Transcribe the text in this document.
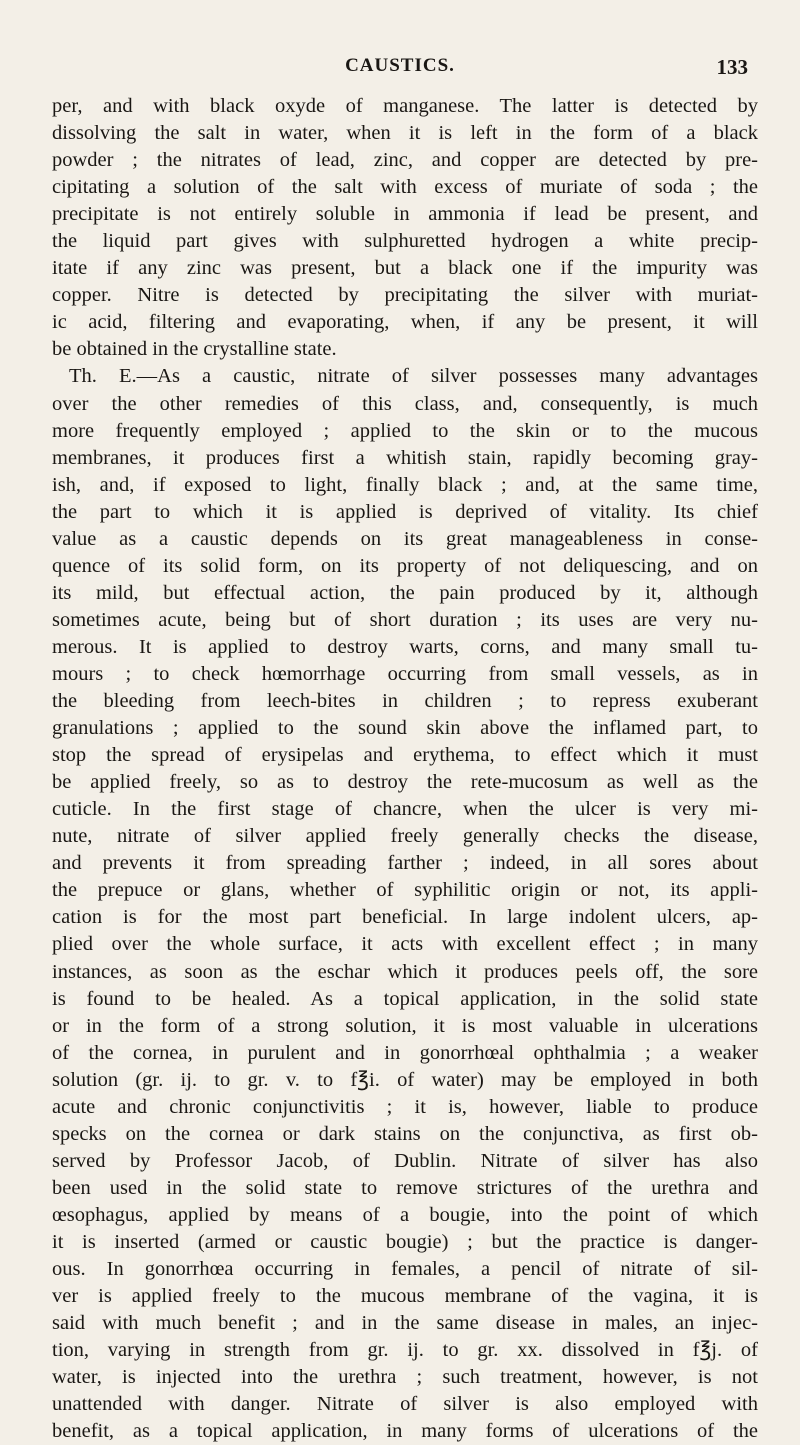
CAUSTICS.	133
per, and with black oxyde of manganese. The latter is detected by
dissolving the salt in water, when it is left in the form of a black
powder ; the nitrates of lead, zinc, and copper are detected by pre-
cipitating a solution of the salt with excess of muriate of soda ; the
precipitate is not entirely soluble in ammonia if lead be present, and
the liquid part gives with sulphuretted hydrogen a white precip-
itate if any zinc was present, but a black one if the impurity was
copper. Nitre is detected by precipitating the silver with muriat-
ic acid, filtering and evaporating, when, if any be present, it will
be obtained in the crystalline state.
Th. E.—As a caustic, nitrate of silver possesses many advantages
over the other remedies of this class, and, consequently, is much
more frequently employed ; applied to the skin or to the mucous
membranes, it produces first a whitish stain, rapidly becoming gray-
ish, and, if exposed to light, finally black ; and, at the same time,
the part to which it is applied is deprived of vitality. Its chief
value as a caustic depends on its great manageableness in conse-
quence of its solid form, on its property of not deliquescing, and on
its mild, but effectual action, the pain produced by it, although
sometimes acute, being but of short duration ; its uses are very nu-
merous. It is applied to destroy warts, corns, and many small tu-
mours ; to check hœmorrhage occurring from small vessels, as in
the bleeding from leech-bites in children ; to repress exuberant
granulations ; applied to the sound skin above the inflamed part, to
stop the spread of erysipelas and erythema, to effect which it must
be applied freely, so as to destroy the rete-mucosum as well as the
cuticle. In the first stage of chancre, when the ulcer is very mi-
nute, nitrate of silver applied freely generally checks the disease,
and prevents it from spreading farther ; indeed, in all sores about
the prepuce or glans, whether of syphilitic origin or not, its appli-
cation is for the most part beneficial. In large indolent ulcers, ap-
plied over the whole surface, it acts with excellent effect ; in many
instances, as soon as the eschar which it produces peels off, the sore
is found to be healed. As a topical application, in the solid state
or in the form of a strong solution, it is most valuable in ulcerations
of the cornea, in purulent and in gonorrhœal ophthalmia ; a weaker
solution (gr. ij. to gr. v. to f℥i. of water) may be employed in both
acute and chronic conjunctivitis ; it is, however, liable to produce
specks on the cornea or dark stains on the conjunctiva, as first ob-
served by Professor Jacob, of Dublin. Nitrate of silver has also
been used in the solid state to remove strictures of the urethra and
œsophagus, applied by means of a bougie, into the point of which
it is inserted (armed or caustic bougie) ; but the practice is danger-
ous. In gonorrhœa occurring in females, a pencil of nitrate of sil-
ver is applied freely to the mucous membrane of the vagina, it is
said with much benefit ; and in the same disease in males, an injec-
tion, varying in strength from gr. ij. to gr. xx. dissolved in f℥j. of
water, is injected into the urethra ; such treatment, however, is not
unattended with danger. Nitrate of silver is also employed with
benefit, as a topical application, in many forms of ulcerations of the
